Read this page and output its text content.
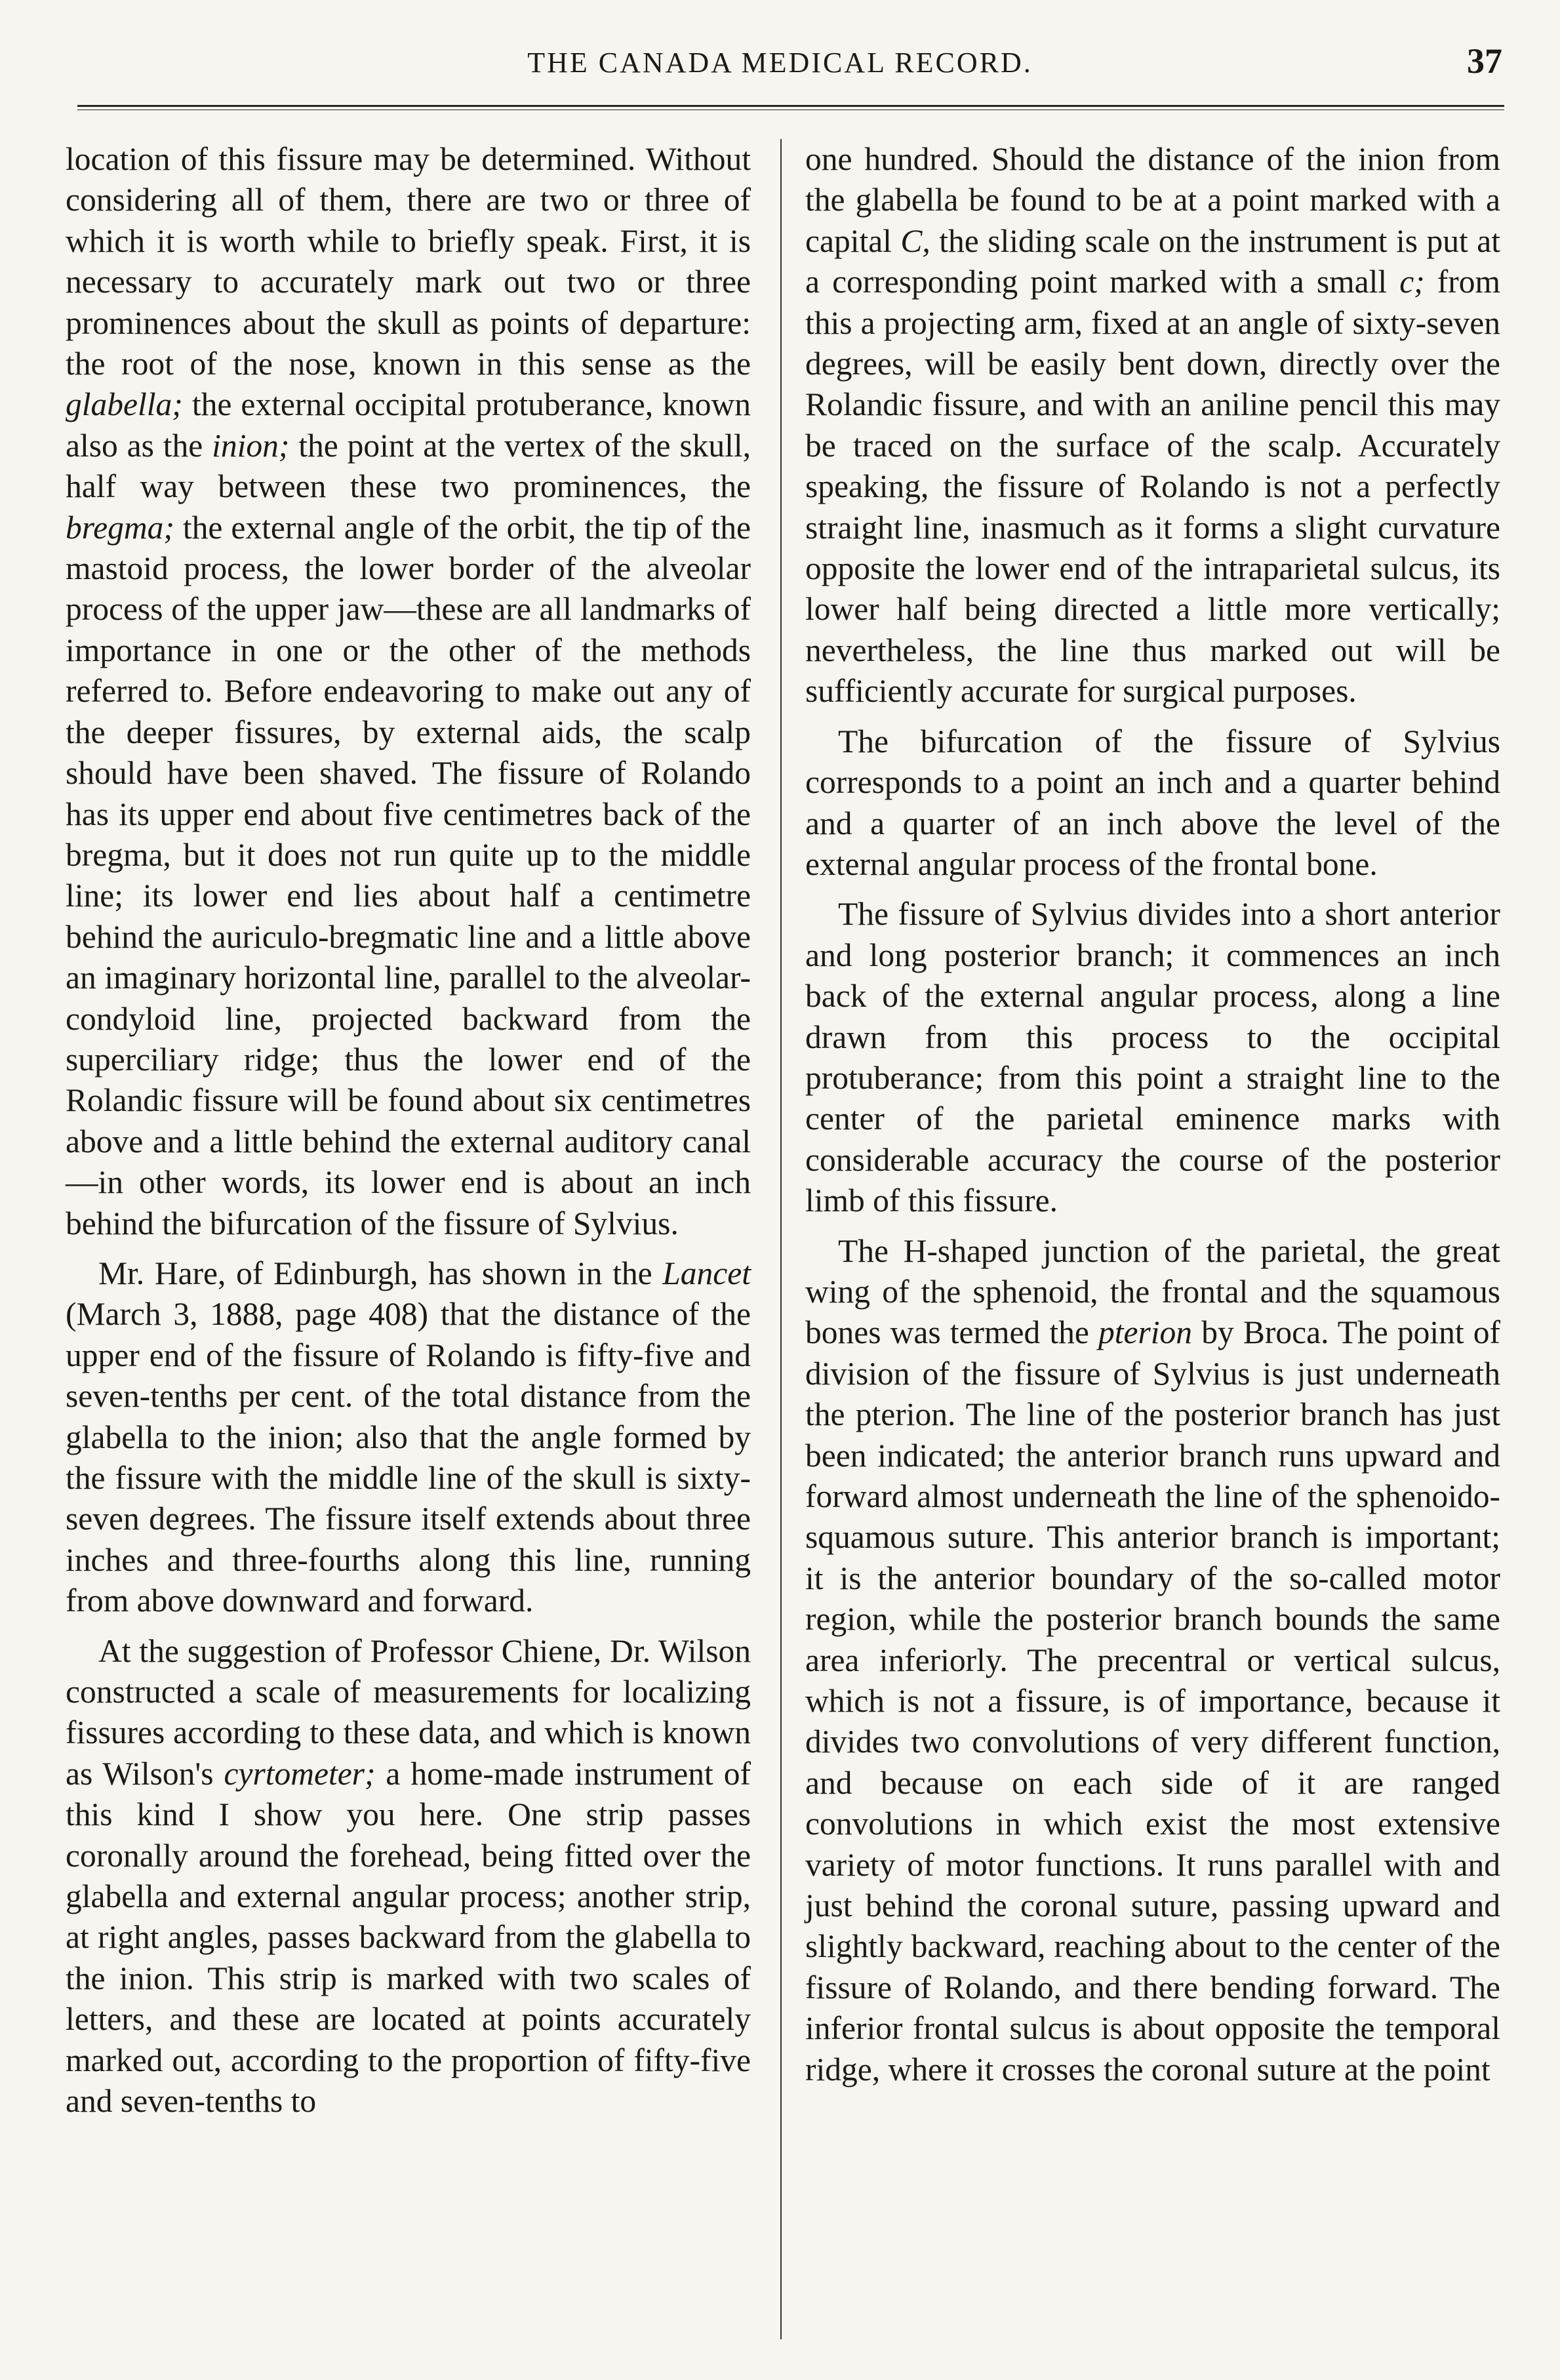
THE CANADA MEDICAL RECORD.	37

location of this fissure may be determined. Without considering all of them, there are two or three of which it is worth while to briefly speak. First, it is necessary to accurately mark out two or three prominences about the skull as points of departure: the root of the nose, known in this sense as the glabella; the external occipital protuberance, known also as the inion; the point at the vertex of the skull, half way between these two prominences, the bregma; the external angle of the orbit, the tip of the mastoid process, the lower border of the alveolar process of the upper jaw—these are all landmarks of importance in one or the other of the methods referred to. Before endeavoring to make out any of the deeper fissures, by external aids, the scalp should have been shaved. The fissure of Rolando has its upper end about five centimetres back of the bregma, but it does not run quite up to the middle line; its lower end lies about half a centimetre behind the auriculo-bregmatic line and a little above an imaginary horizontal line, parallel to the alveolar-condyloid line, projected backward from the superciliary ridge; thus the lower end of the Rolandic fissure will be found about six centimetres above and a little behind the external auditory canal—in other words, its lower end is about an inch behind the bifurcation of the fissure of Sylvius.

Mr. Hare, of Edinburgh, has shown in the Lancet (March 3, 1888, page 408) that the distance of the upper end of the fissure of Rolando is fifty-five and seven-tenths per cent. of the total distance from the glabella to the inion; also that the angle formed by the fissure with the middle line of the skull is sixty-seven degrees. The fissure itself extends about three inches and three-fourths along this line, running from above downward and forward.

At the suggestion of Professor Chiene, Dr. Wilson constructed a scale of measurements for localizing fissures according to these data, and which is known as Wilson's cyrtometer; a home-made instrument of this kind I show you here. One strip passes coronally around the forehead, being fitted over the glabella and external angular process; another strip, at right angles, passes backward from the glabella to the inion. This strip is marked with two scales of letters, and these are located at points accurately marked out, according to the proportion of fifty-five and seven-tenths to

one hundred. Should the distance of the inion from the glabella be found to be at a point marked with a capital C, the sliding scale on the instrument is put at a corresponding point marked with a small c; from this a projecting arm, fixed at an angle of sixty-seven degrees, will be easily bent down, directly over the Rolandic fissure, and with an aniline pencil this may be traced on the surface of the scalp. Accurately speaking, the fissure of Rolando is not a perfectly straight line, inasmuch as it forms a slight curvature opposite the lower end of the intraparietal sulcus, its lower half being directed a little more vertically; nevertheless, the line thus marked out will be sufficiently accurate for surgical purposes.

The bifurcation of the fissure of Sylvius corresponds to a point an inch and a quarter behind and a quarter of an inch above the level of the external angular process of the frontal bone.

The fissure of Sylvius divides into a short anterior and long posterior branch; it commences an inch back of the external angular process, along a line drawn from this process to the occipital protuberance; from this point a straight line to the center of the parietal eminence marks with considerable accuracy the course of the posterior limb of this fissure.

The H-shaped junction of the parietal, the great wing of the sphenoid, the frontal and the squamous bones was termed the pterion by Broca. The point of division of the fissure of Sylvius is just underneath the pterion. The line of the posterior branch has just been indicated; the anterior branch runs upward and forward almost underneath the line of the sphenoido-squamous suture. This anterior branch is important; it is the anterior boundary of the so-called motor region, while the posterior branch bounds the same area inferiorly. The precentral or vertical sulcus, which is not a fissure, is of importance, because it divides two convolutions of very different function, and because on each side of it are ranged convolutions in which exist the most extensive variety of motor functions. It runs parallel with and just behind the coronal suture, passing upward and slightly backward, reaching about to the center of the fissure of Rolando, and there bending forward. The inferior frontal sulcus is about opposite the temporal ridge, where it crosses the coronal suture at the point
